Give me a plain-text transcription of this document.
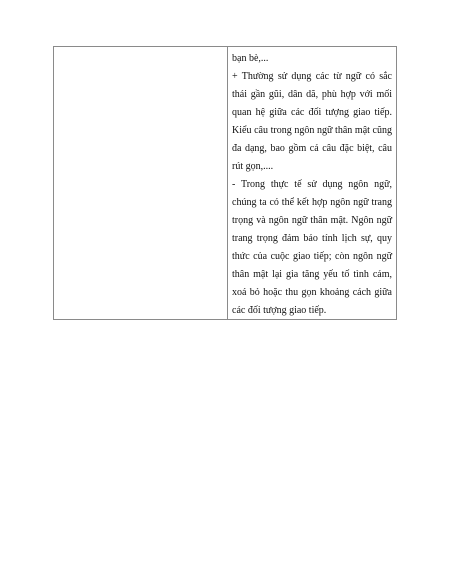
bạn bè,...

+ Thường sử dụng các từ ngữ có sắc thái gần gũi, dân dã, phù hợp với mối quan hệ giữa các đối tượng giao tiếp. Kiểu câu trong ngôn ngữ thân mật cũng đa dạng, bao gồm cả câu đặc biệt, câu rút gọn,....

- Trong thực tế sử dụng ngôn ngữ, chúng ta có thể kết hợp ngôn ngữ trang trọng và ngôn ngữ thân mật. Ngôn ngữ trang trọng đảm bảo tính lịch sự, quy thức của cuộc giao tiếp; còn ngôn ngữ thân mật lại gia tăng yếu tố tình cảm, xoá bỏ hoặc thu gọn khoảng cách giữa các đối tượng giao tiếp.
